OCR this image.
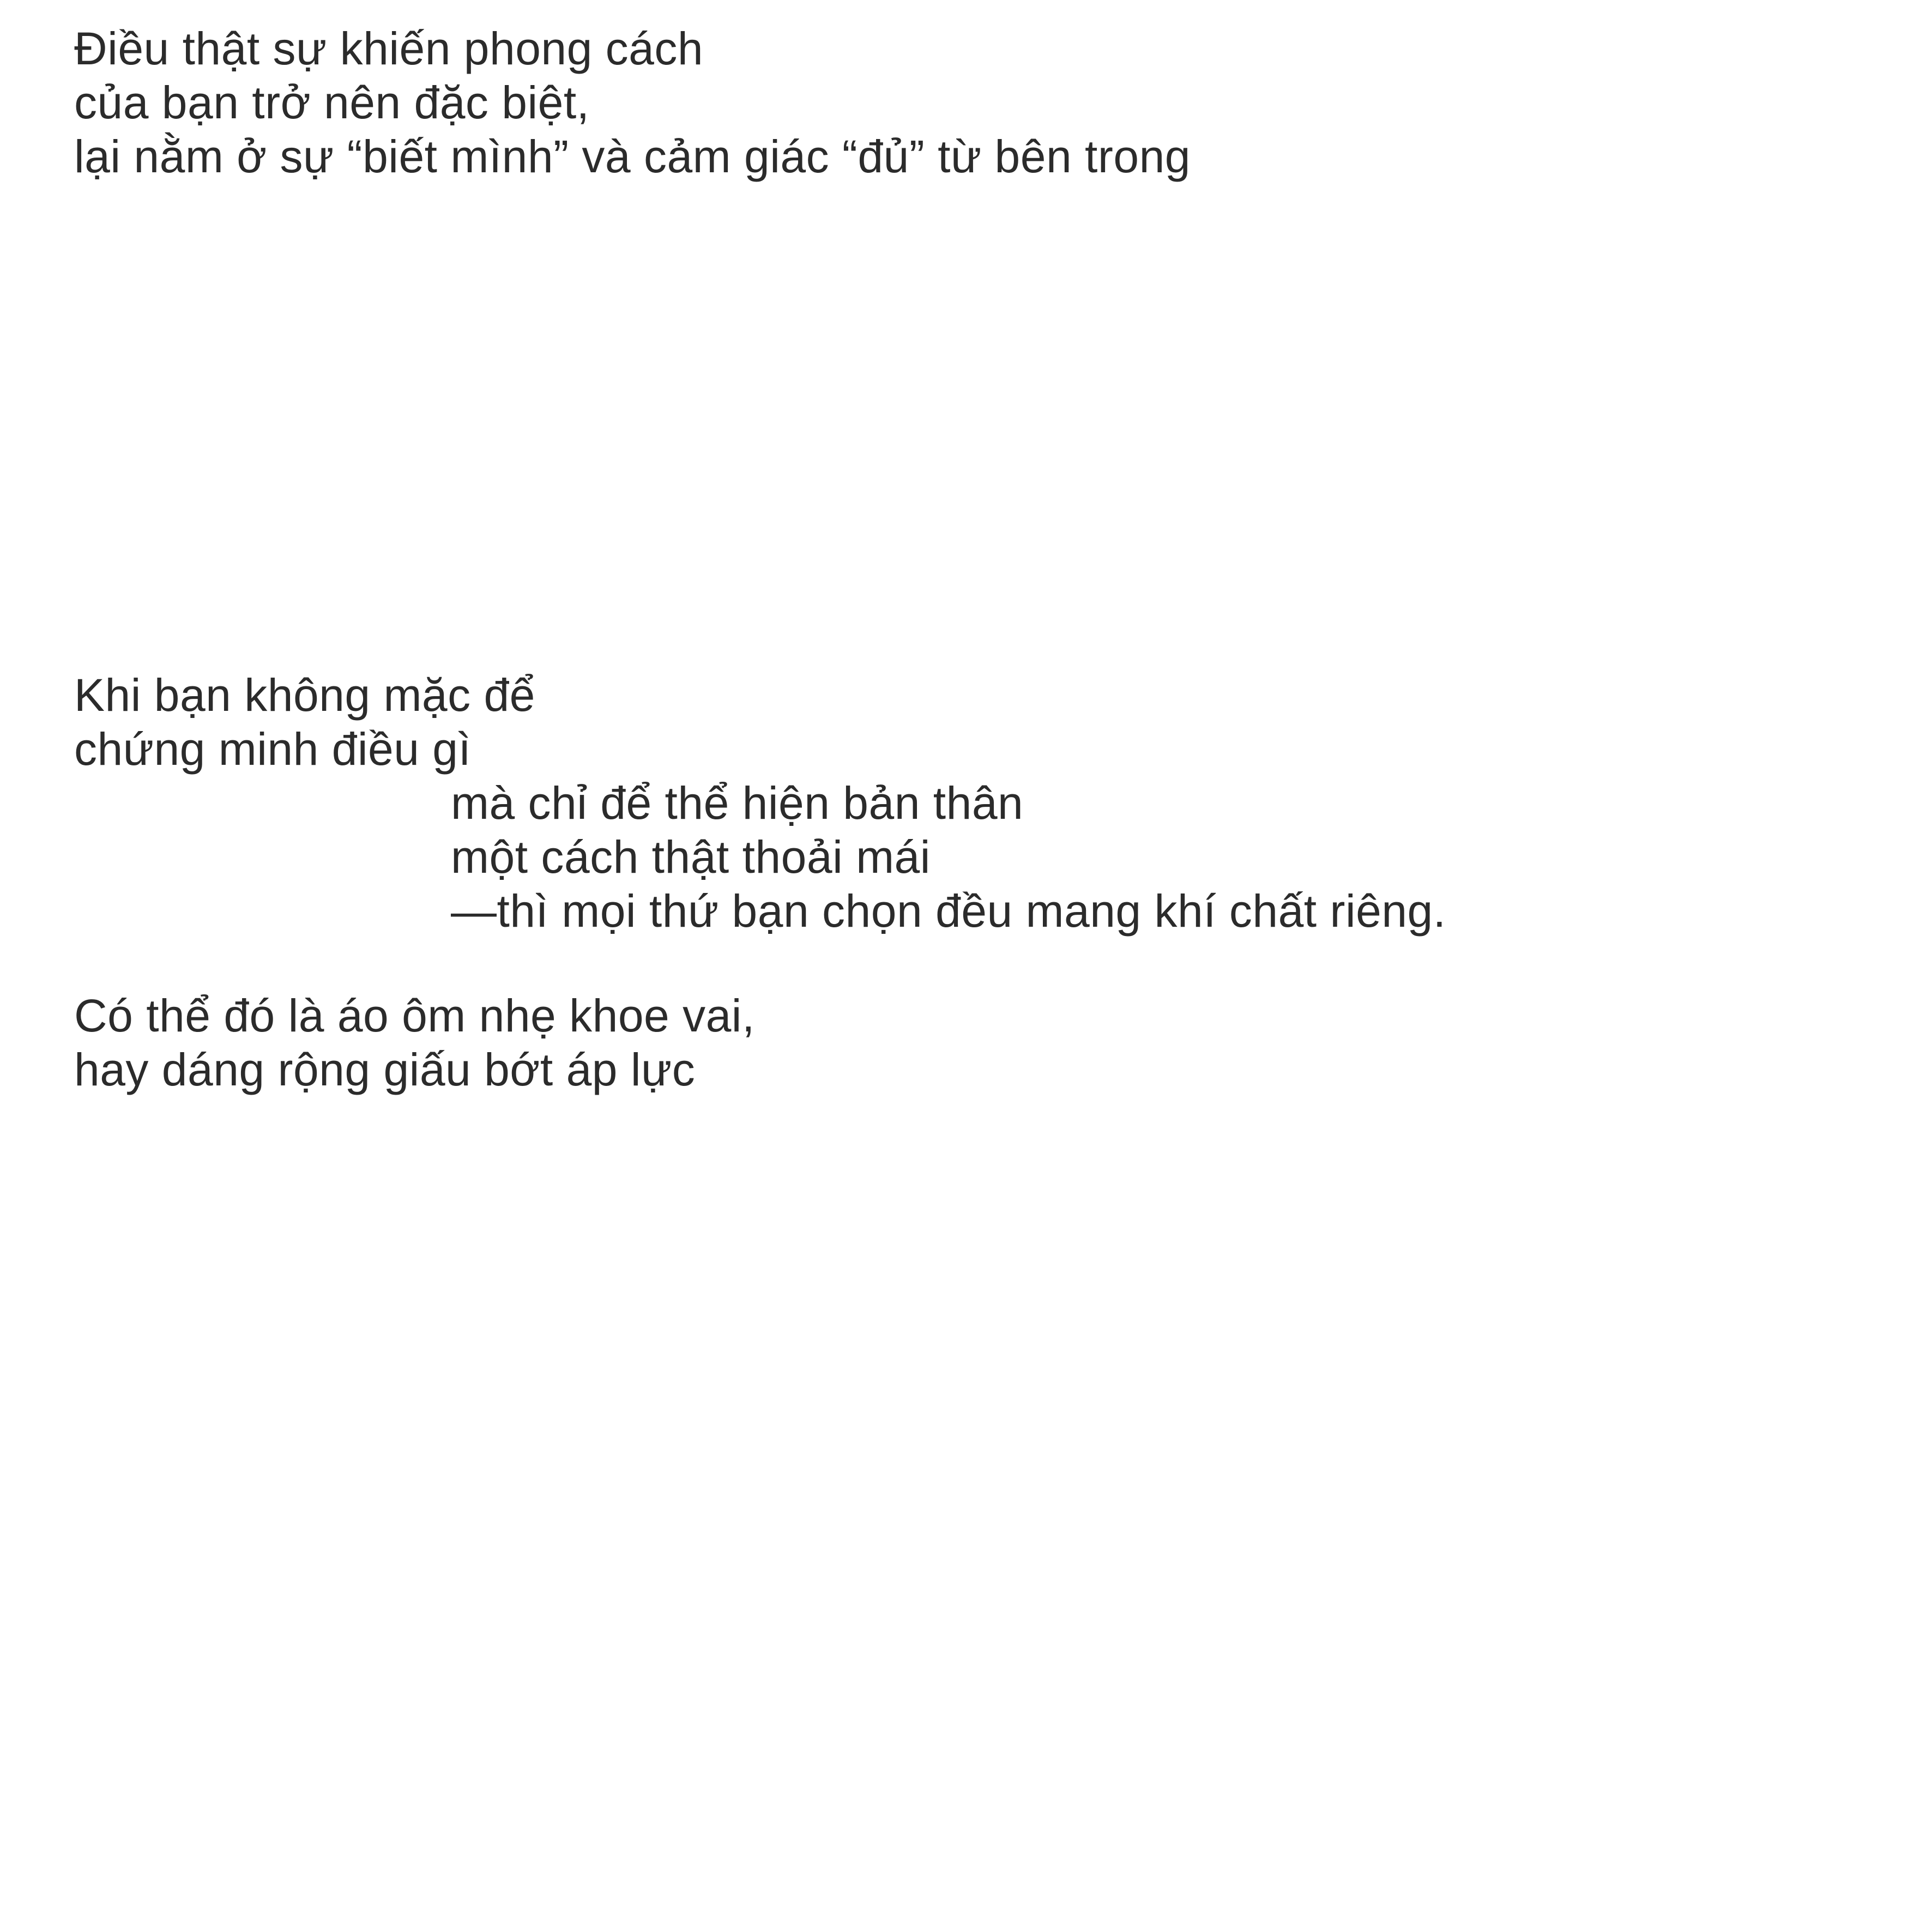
Điều thật sự khiến phong cách
của bạn trở nên đặc biệt,
lại nằm ở sự “biết mình” và cảm giác “đủ” từ bên trong

Khi bạn không mặc để
chứng minh điều gì
mà chỉ để thể hiện bản thân
một cách thật thoải mái
—thì mọi thứ bạn chọn đều mang khí chất riêng.

Có thể đó là áo ôm nhẹ khoe vai,
hay dáng rộng giấu bớt áp lực
